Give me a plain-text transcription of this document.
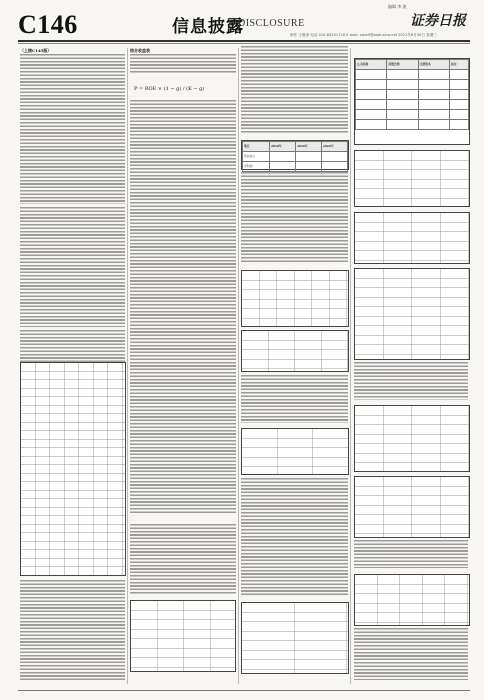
C146	信息披露
DISCLOSURE
编辑 李 波
证券日报
制作 王敬涛 电话 010-83251716 E-mail: zqrb9@zqrb.sina.net 2021年6月30日 星期三
（上接C145版）	综合收益表
P = ROE × (1 − g) / (K − g)
项目	2018年	2019年	2020年
营业收入			
净利润			
公司名称	持股比例	注册资本	备注
